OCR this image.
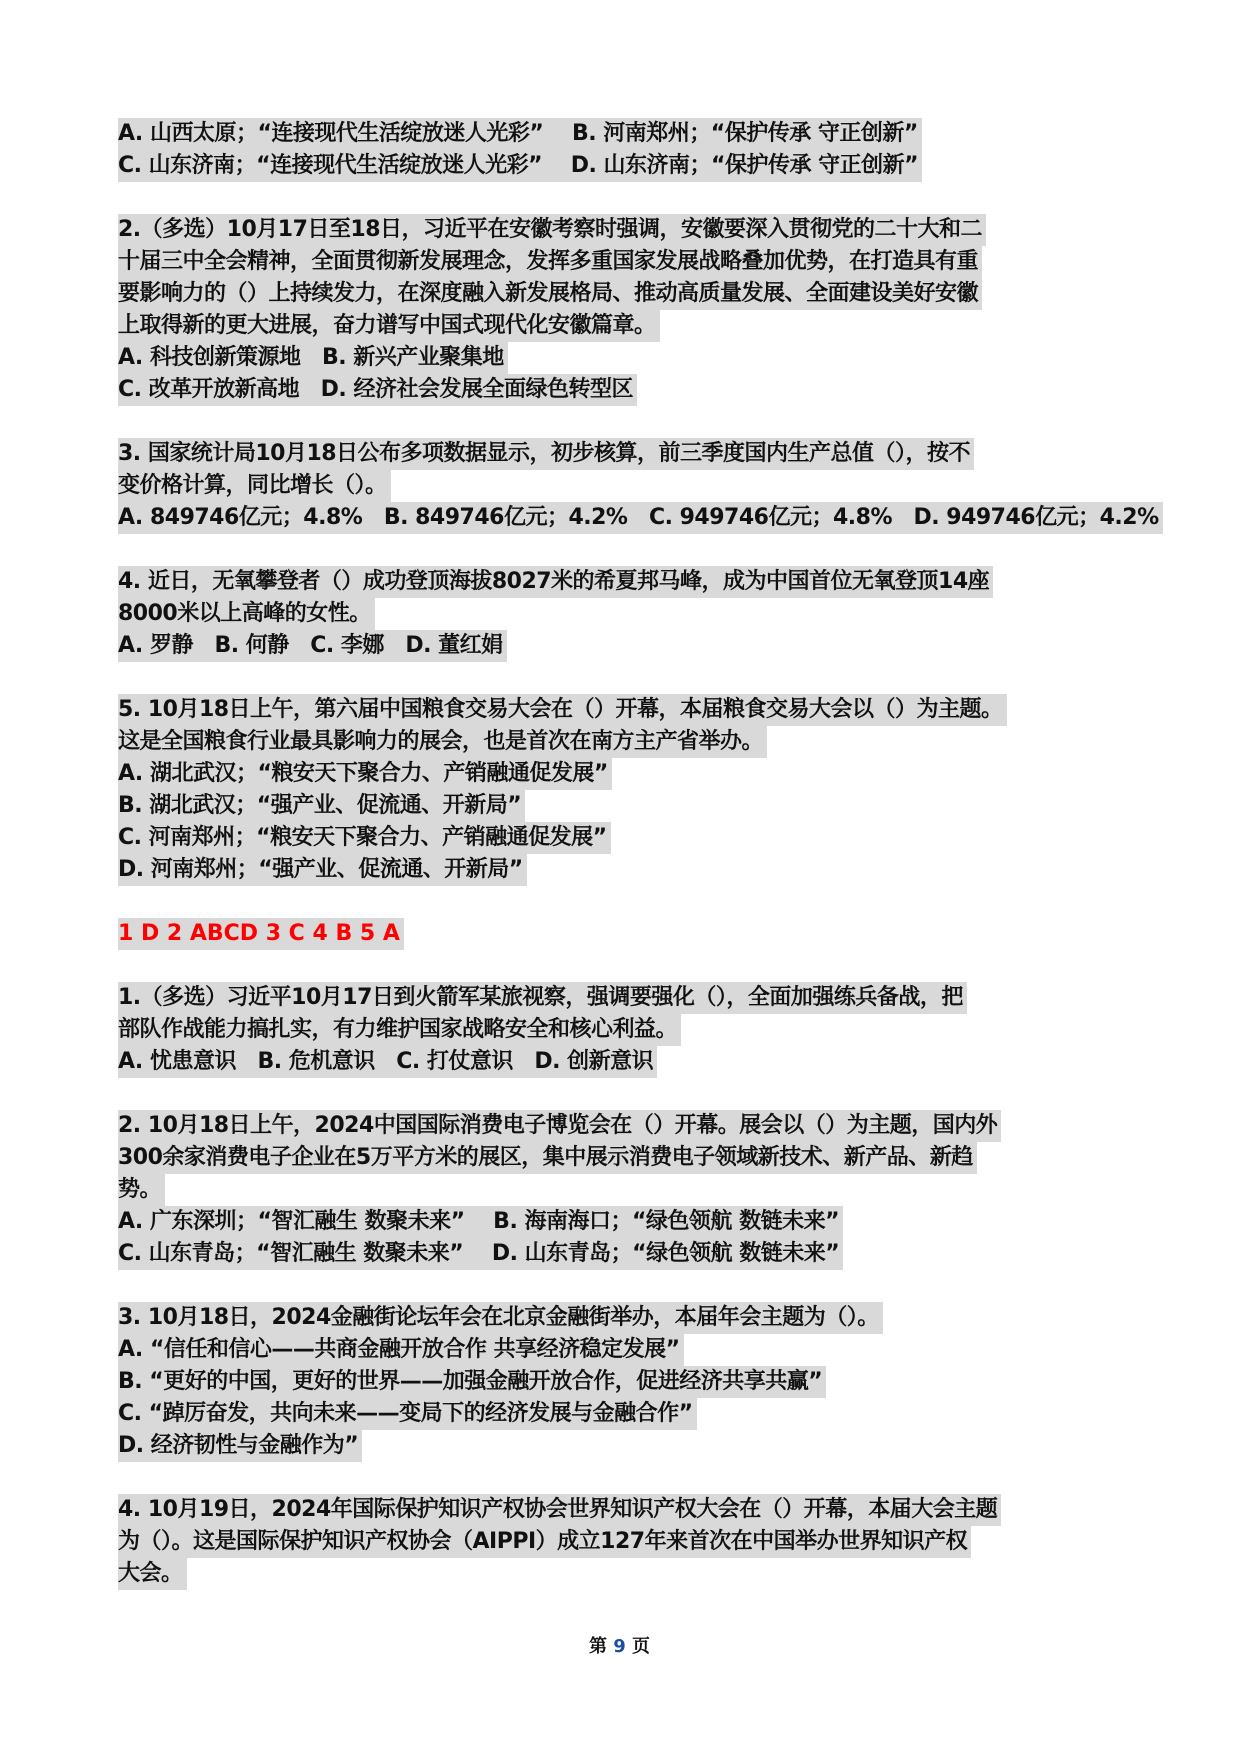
A. 山西太原；“连接现代生活绽放迷人光彩” B. 河南郑州；“保护传承 守正创新”
C. 山东济南；“连接现代生活绽放迷人光彩” D. 山东济南；“保护传承 守正创新”
2.（多选）10月17日至18日，习近平在安徽考察时强调，安徽要深入贯彻党的二十大和二
十届三中全会精神，全面贯彻新发展理念，发挥多重国家发展战略叠加优势，在打造具有重
要影响力的（）上持续发力，在深度融入新发展格局、推动高质量发展、全面建设美好安徽
上取得新的更大进展，奋力谱写中国式现代化安徽篇章。
A. 科技创新策源地　B. 新兴产业聚集地
C. 改革开放新高地　D. 经济社会发展全面绿色转型区
3. 国家统计局10月18日公布多项数据显示，初步核算，前三季度国内生产总值（），按不
变价格计算，同比增长（）。
A. 849746亿元；4.8%　B. 849746亿元；4.2%　C. 949746亿元；4.8%　D. 949746亿元；4.2%
4. 近日，无氧攀登者（）成功登顶海拔8027米的希夏邦马峰，成为中国首位无氧登顶14座
8000米以上高峰的女性。
A. 罗静　B. 何静　C. 李娜　D. 董红娟
5. 10月18日上午，第六届中国粮食交易大会在（）开幕，本届粮食交易大会以（）为主题。
这是全国粮食行业最具影响力的展会，也是首次在南方主产省举办。
A. 湖北武汉；“粮安天下聚合力、产销融通促发展”
B. 湖北武汉；“强产业、促流通、开新局”
C. 河南郑州；“粮安天下聚合力、产销融通促发展”
D. 河南郑州；“强产业、促流通、开新局”
1 D 2 ABCD 3 C 4 B 5 A
1.（多选）习近平10月17日到火箭军某旅视察，强调要强化（），全面加强练兵备战，把
部队作战能力搞扎实，有力维护国家战略安全和核心利益。
A. 忧患意识　B. 危机意识　C. 打仗意识　D. 创新意识
2. 10月18日上午，2024中国国际消费电子博览会在（）开幕。展会以（）为主题，国内外
300余家消费电子企业在5万平方米的展区，集中展示消费电子领域新技术、新产品、新趋
势。
A. 广东深圳；“智汇融生 数聚未来” B. 海南海口；“绿色领航 数链未来”
C. 山东青岛；“智汇融生 数聚未来” D. 山东青岛；“绿色领航 数链未来”
3. 10月18日，2024金融街论坛年会在北京金融街举办，本届年会主题为（）。
A. “信任和信心——共商金融开放合作 共享经济稳定发展”
B. “更好的中国，更好的世界——加强金融开放合作，促进经济共享共赢”
C. “踔厉奋发，共向未来——变局下的经济发展与金融合作”
D. 经济韧性与金融作为”
4. 10月19日，2024年国际保护知识产权协会世界知识产权大会在（）开幕，本届大会主题
为（）。这是国际保护知识产权协会（AIPPI）成立127年来首次在中国举办世界知识产权
大会。
第 9 页
